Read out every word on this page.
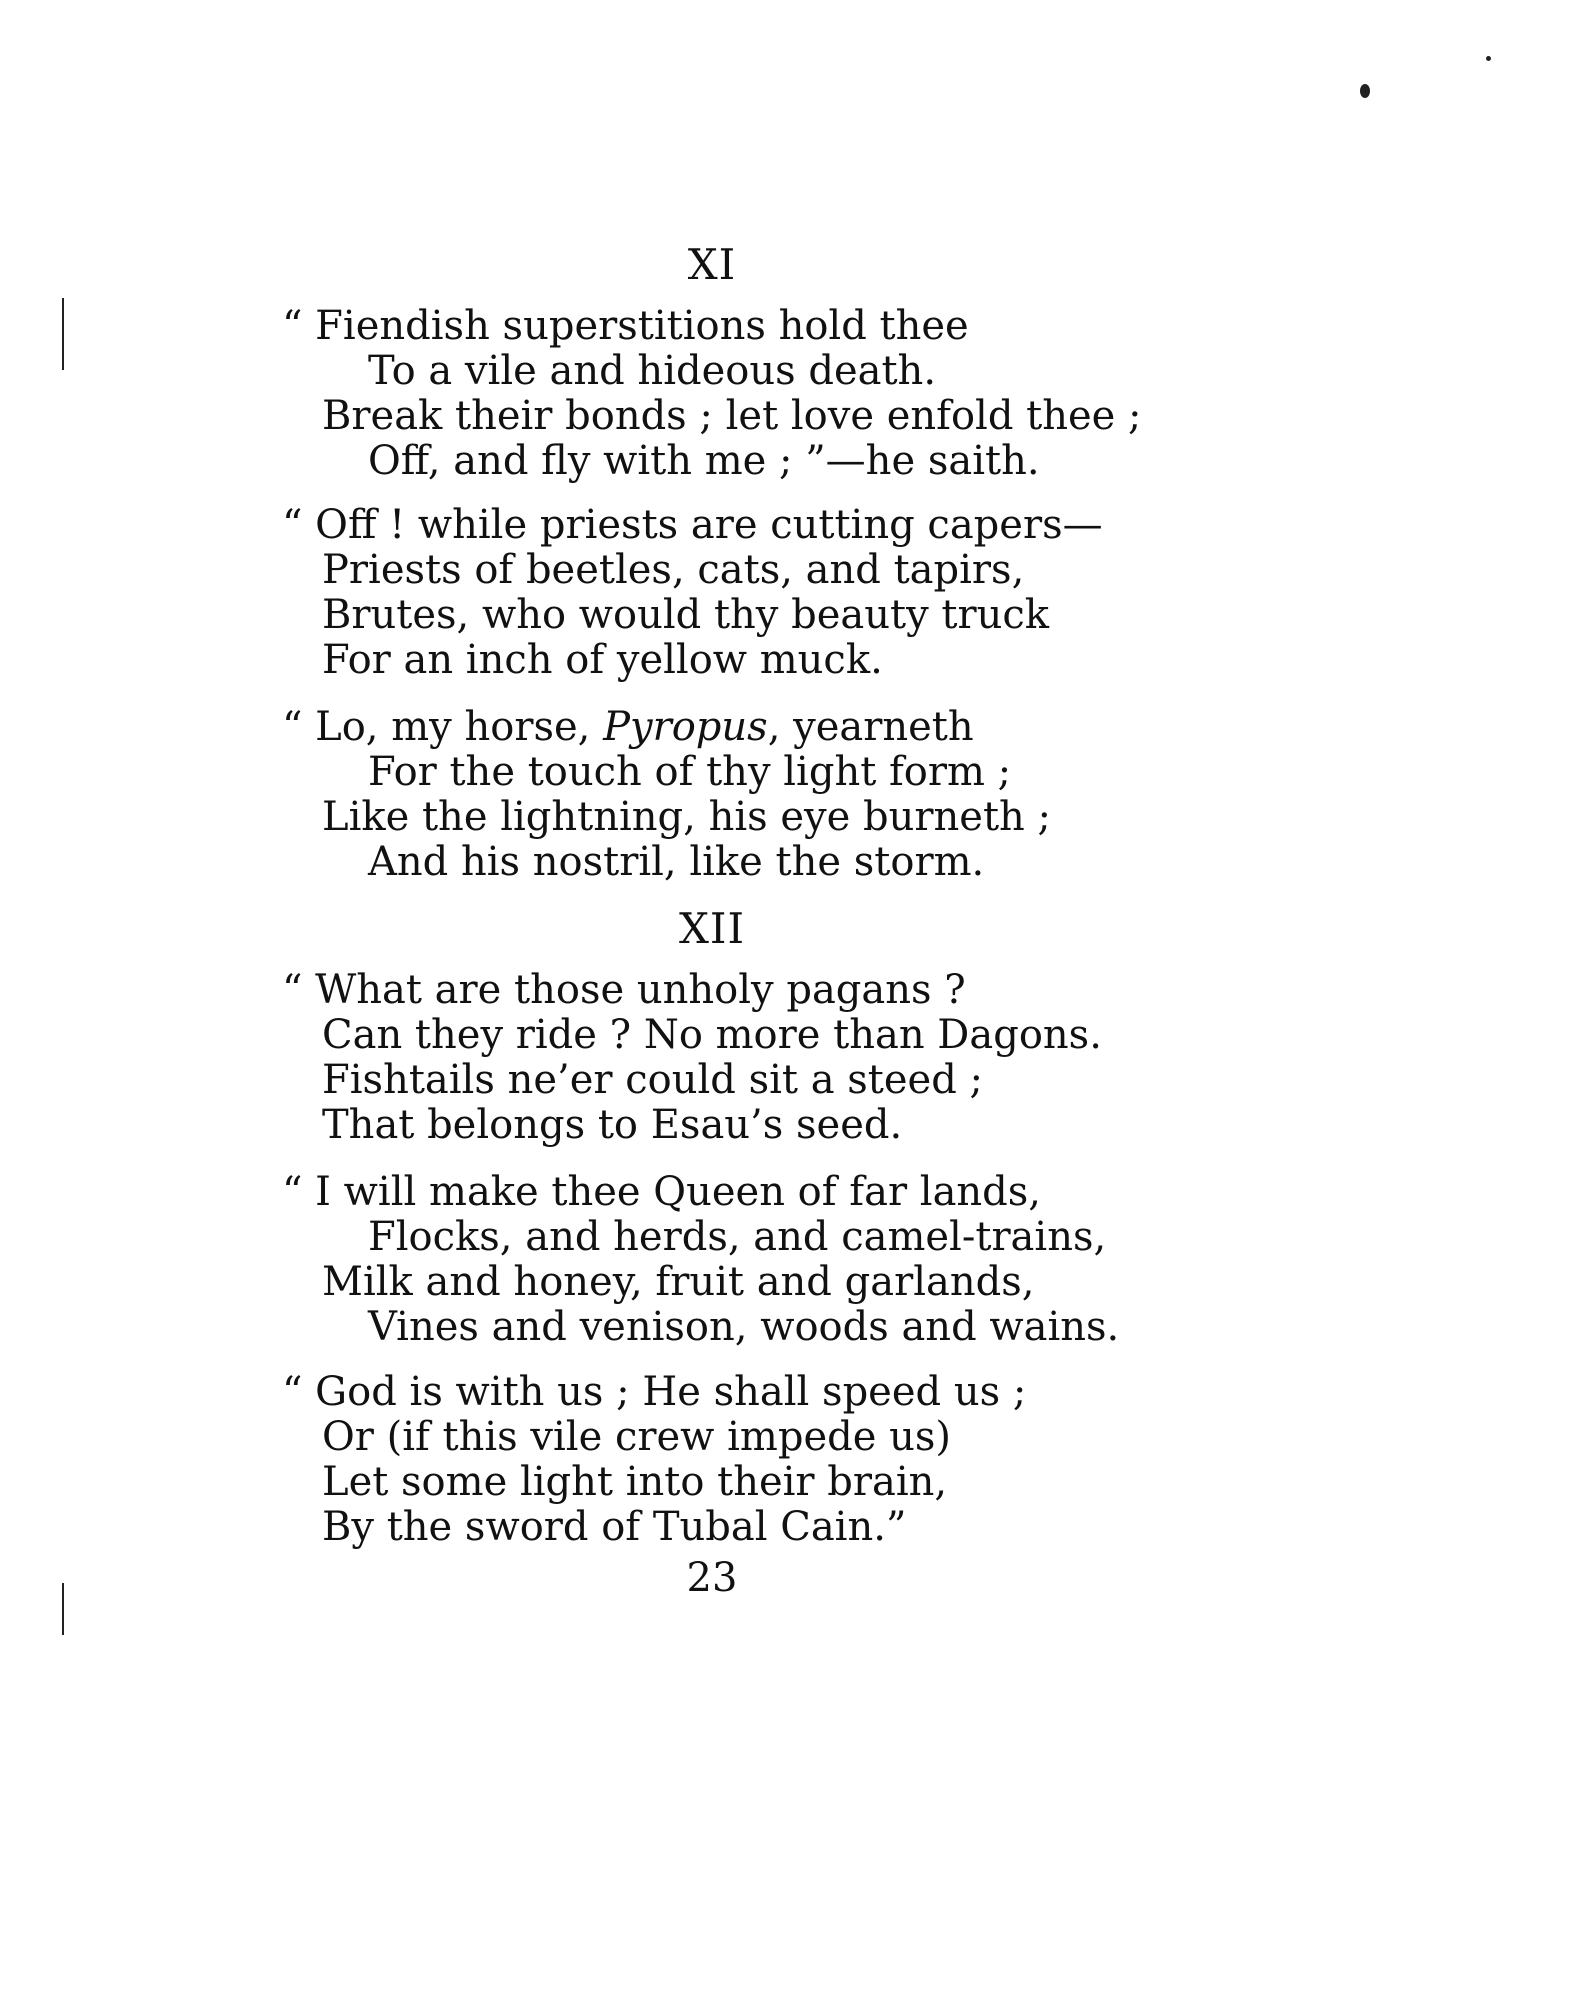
XI
“ Fiendish superstitions hold thee
To a vile and hideous death.
Break their bonds ; let love enfold thee ;
Off, and fly with me ; ”—he saith.
“ Off ! while priests are cutting capers—
Priests of beetles, cats, and tapirs,
Brutes, who would thy beauty truck
For an inch of yellow muck.
“ Lo, my horse, Pyropus, yearneth
For the touch of thy light form ;
Like the lightning, his eye burneth ;
And his nostril, like the storm.
XII
“ What are those unholy pagans ?
Can they ride ? No more than Dagons.
Fishtails ne’er could sit a steed ;
That belongs to Esau’s seed.
“ I will make thee Queen of far lands,
Flocks, and herds, and camel-trains,
Milk and honey, fruit and garlands,
Vines and venison, woods and wains.
“ God is with us ; He shall speed us ;
Or (if this vile crew impede us)
Let some light into their brain,
By the sword of Tubal Cain.”
23
